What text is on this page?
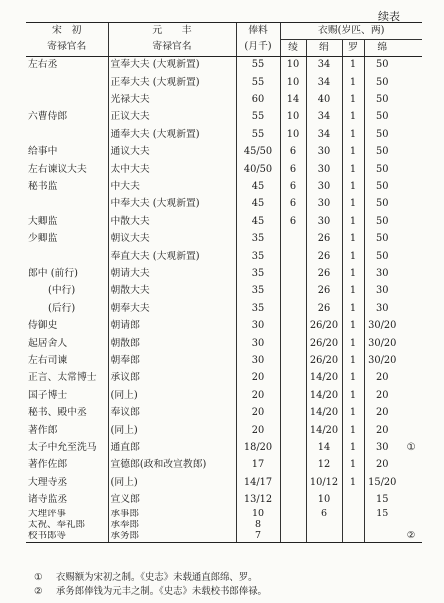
续表
宋　初	元　　丰	俸料	衣赐(岁匹、两)				
寄禄官名	寄禄官名	(月千)	绫	绢	罗	绵	
左右丞	宣奉大夫 (大观新置)	55	10	34	1	50	
	正奉大夫 (大观新置)	55	10	34	1	50	
	光禄大夫	60	14	40	1	50	
六曹侍郎	正议大夫	55	10	34	1	50	
	通奉大夫 (大观新置)	55	10	34	1	50	
给事中	通议大夫	45/50	6	30	1	50	
左右谏议大夫	太中大夫	40/50	6	30	1	50	
秘书监	中大夫	45	6	30	1	50	
	中奉大夫 (大观新置)	45	6	30	1	50	
大卿监	中散大夫	45	6	30	1	50	
少卿监	朝议大夫	35		26	1	50	
	奉直大夫 (大观新置)	35		26	1	50	
郎中 (前行)	朝请大夫	35		26	1	30	
(中行)	朝散大夫	35		26	1	30	
(后行)	朝奉大夫	35		26	1	30	
侍御史	朝请郎	30		26/20	1	30/20	
起居舍人	朝散郎	30		26/20	1	30/20	
左右司谏	朝奉郎	30		26/20	1	30/20	
正言、太常博士	承议郎	20		14/20	1	20	
国子博士	(同上)	20		14/20	1	20	
秘书、殿中丞	奉议郎	20		14/20	1	20	
著作郎	(同上)	20		14/20	1	20	
太子中允至洗马	通直郎	18/20		14	1	30	①
著作佐郎	宣德郎(政和改宣教郎)	17		12	1	20	
大理寺丞	(同上)	14/17		10/12	1	15/20	
诸寺监丞	宣义郎	13/12		10		15	
大理评事	承事郎	10		6		15	
太祝、奉礼郎	承奉郎	8					
校书郎等	承务郎	7					②
① 衣赐额为宋初之制。《史志》未载通直郎绵、罗。
② 承务郎俸钱为元丰之制。《史志》未载校书郎俸禄。
